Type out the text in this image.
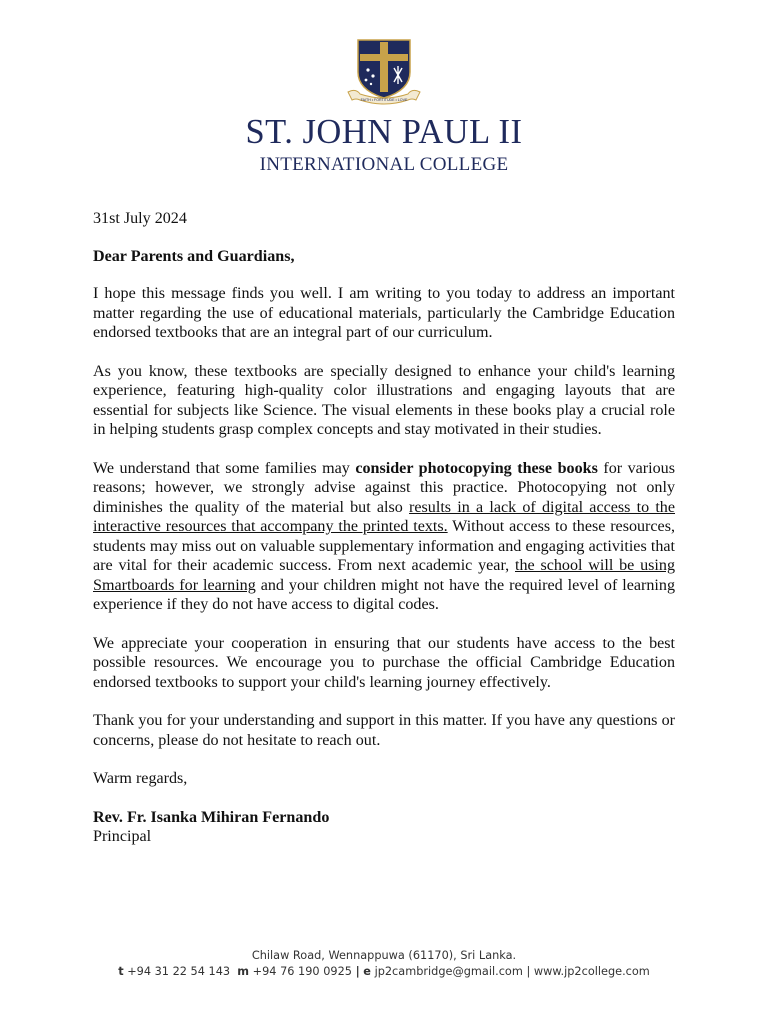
FAITH • FORTITUDE • LOVE
ST. JOHN PAUL II
INTERNATIONAL COLLEGE

31st July 2024

Dear Parents and Guardians,

I hope this message finds you well. I am writing to you today to address an important matter regarding the use of educational materials, particularly the Cambridge Education endorsed textbooks that are an integral part of our curriculum.

As you know, these textbooks are specially designed to enhance your child's learning experience, featuring high-quality color illustrations and engaging layouts that are essential for subjects like Science. The visual elements in these books play a crucial role in helping students grasp complex concepts and stay motivated in their studies.

We understand that some families may consider photocopying these books for various reasons; however, we strongly advise against this practice. Photocopying not only diminishes the quality of the material but also results in a lack of digital access to the interactive resources that accompany the printed texts. Without access to these resources, students may miss out on valuable supplementary information and engaging activities that are vital for their academic success. From next academic year, the school will be using Smartboards for learning and your children might not have the required level of learning experience if they do not have access to digital codes.

We appreciate your cooperation in ensuring that our students have access to the best possible resources. We encourage you to purchase the official Cambridge Education endorsed textbooks to support your child's learning journey effectively.

Thank you for your understanding and support in this matter. If you have any questions or concerns, please do not hesitate to reach out.

Warm regards,

Rev. Fr. Isanka Mihiran Fernando

Principal

Chilaw Road, Wennappuwa (61170), Sri Lanka.
t +94 31 22 54 143 m +94 76 190 0925 | e jp2cambridge@gmail.com | www.jp2college.com
